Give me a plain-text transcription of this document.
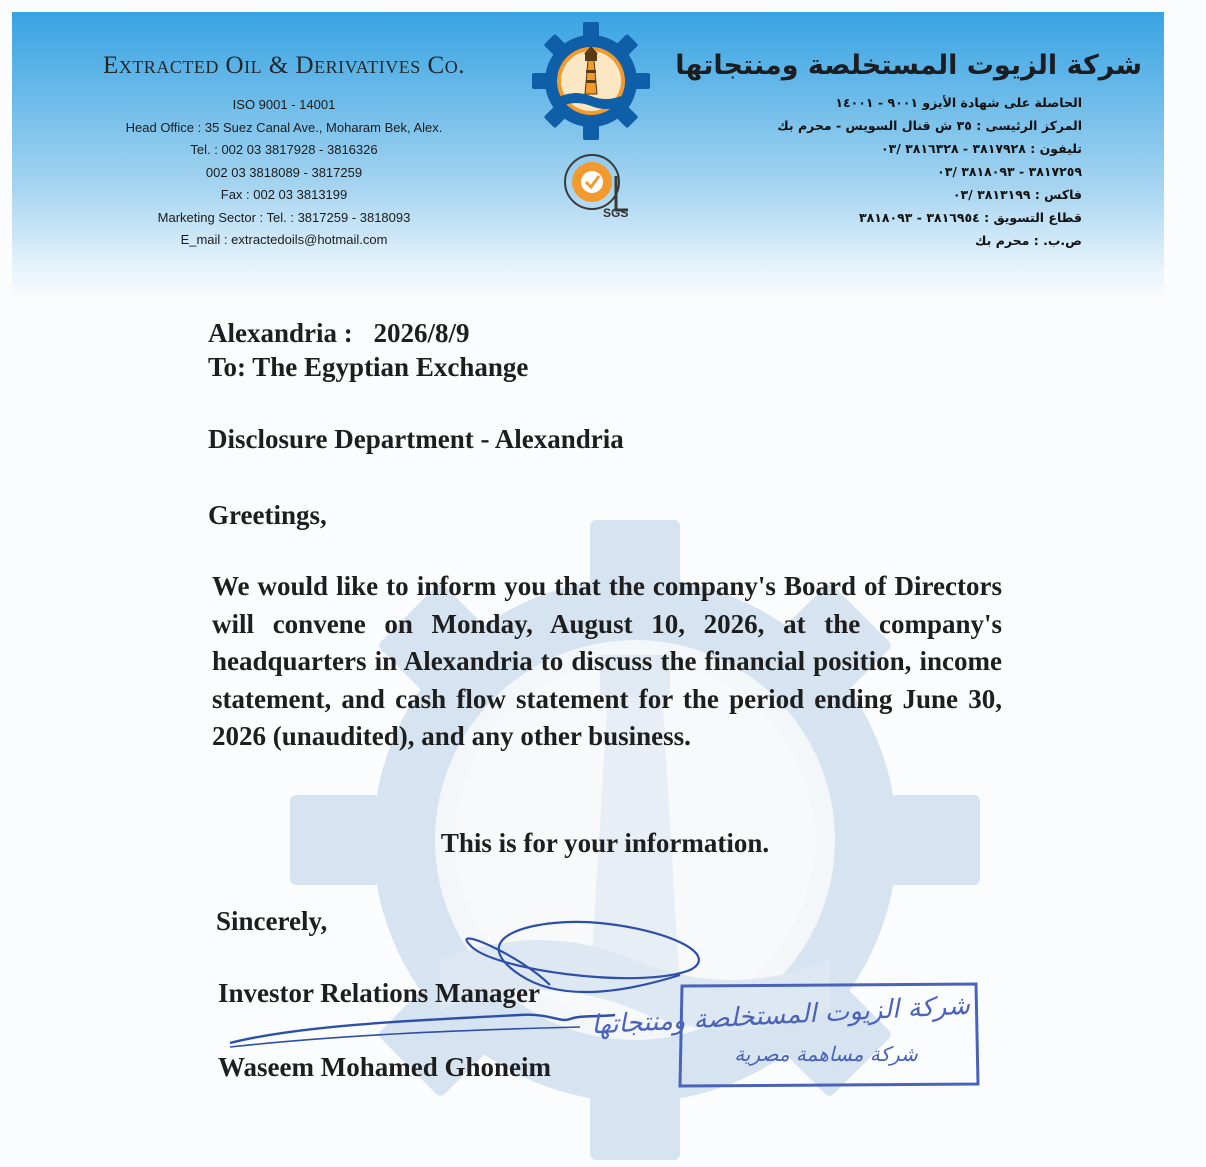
Extracted Oil & Derivatives Co.
ISO 9001 - 14001
Head Office : 35 Suez Canal Ave., Moharam Bek, Alex.
Tel. : 002 03 3817928 - 3816326
002 03 3818089 - 3817259
Fax : 002 03 3813199
Marketing Sector : Tel. : 3817259 - 3818093
E_mail : extractedoils@hotmail.com
شركة الزيوت المستخلصة ومنتجاتها
الحاصلة على شهادة الأيزو ٩٠٠١ - ١٤٠٠١
المركز الرئيسى : ٣٥ ش قنال السويس - محرم بك
تليفون : ٣٨١٧٩٢٨ - ٣٨١٦٣٢٨ /٠٣
٣٨١٧٢٥٩ - ٣٨١٨٠٩٣ /٠٣
فاكس : ٣٨١٣١٩٩ /٠٣
قطاع التسويق : ٣٨١٦٩٥٤ - ٣٨١٨٠٩٣
ص.ب. : محرم بك
SGS
Alexandria : 2026/8/9
To: The Egyptian Exchange
Disclosure Department - Alexandria
Greetings,
We would like to inform you that the company's Board of Directors will convene on Monday, August 10, 2026, at the company's headquarters in Alexandria to discuss the financial position, income statement, and cash flow statement for the period ending June 30, 2026 (unaudited), and any other business.
This is for your information.
Sincerely,
Investor Relations Manager
Waseem Mohamed Ghoneim
شركة الزيوت المستخلصة ومنتجاتها
شركة مساهمة مصرية
